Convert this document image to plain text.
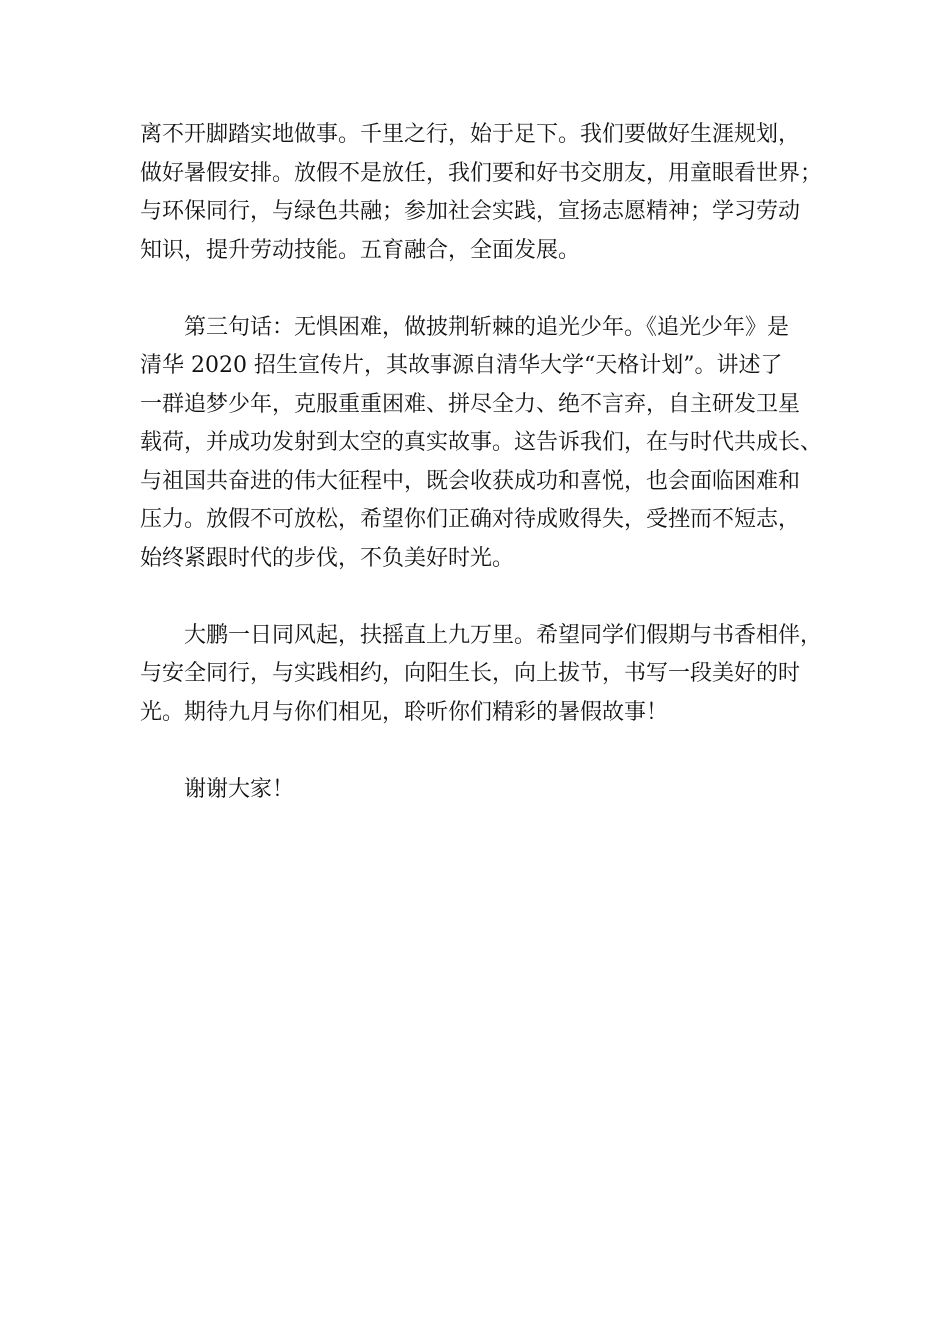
离不开脚踏实地做事。千里之行，始于足下。我们要做好生涯规划，
做好暑假安排。放假不是放任，我们要和好书交朋友，用童眼看世界；
与环保同行，与绿色共融；参加社会实践，宣扬志愿精神；学习劳动
知识，提升劳动技能。五育融合，全面发展。
第三句话：无惧困难，做披荆斩棘的追光少年。《追光少年》是
清华 2020 招生宣传片，其故事源自清华大学“天格计划”。讲述了
一群追梦少年，克服重重困难、拼尽全力、绝不言弃，自主研发卫星
载荷，并成功发射到太空的真实故事。这告诉我们，在与时代共成长、
与祖国共奋进的伟大征程中，既会收获成功和喜悦，也会面临困难和
压力。放假不可放松，希望你们正确对待成败得失，受挫而不短志，
始终紧跟时代的步伐，不负美好时光。
大鹏一日同风起，扶摇直上九万里。希望同学们假期与书香相伴，
与安全同行，与实践相约，向阳生长，向上拔节，书写一段美好的时
光。期待九月与你们相见，聆听你们精彩的暑假故事！
谢谢大家！
